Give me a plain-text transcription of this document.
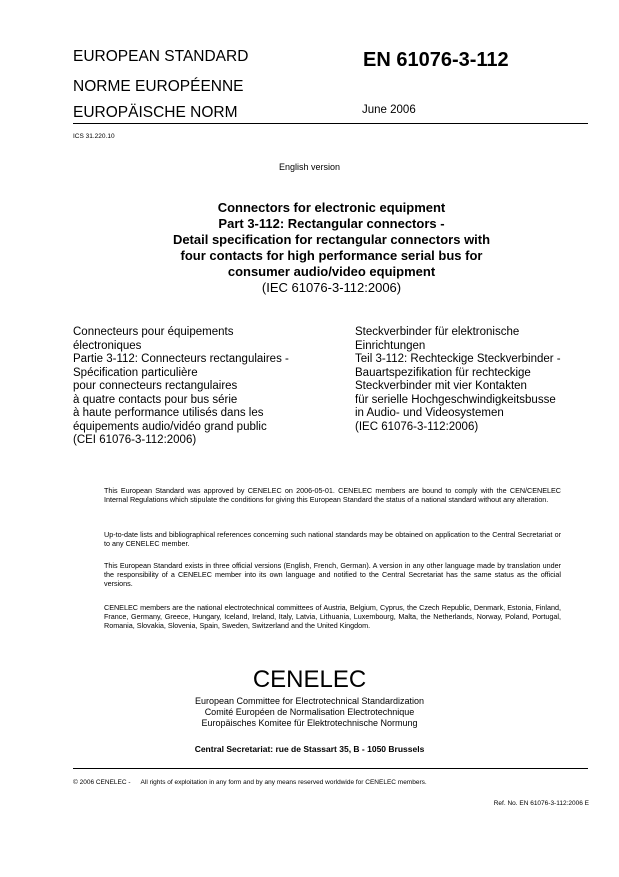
EUROPEAN STANDARD
NORME EUROPÉENNE
EUROPÄISCHE NORM
EN 61076-3-112
June 2006
ICS 31.220.10
English version
Connectors for electronic equipment
Part 3-112: Rectangular connectors -
Detail specification for rectangular connectors with
four contacts for high performance serial bus for
consumer audio/video equipment
(IEC 61076-3-112:2006)
Connecteurs pour équipements
électroniques
Partie 3-112: Connecteurs rectangulaires -
Spécification particulière
pour connecteurs rectangulaires
à quatre contacts pour bus série
à haute performance utilisés dans les
équipements audio/vidéo grand public
(CEI 61076-3-112:2006)
Steckverbinder für elektronische
Einrichtungen
Teil 3-112: Rechteckige Steckverbinder -
Bauartspezifikation für rechteckige
Steckverbinder mit vier Kontakten
für serielle Hochgeschwindigkeitsbusse
in Audio- und Videosystemen
(IEC 61076-3-112:2006)
This European Standard was approved by CENELEC on 2006-05-01. CENELEC members are bound to comply with the CEN/CENELEC Internal Regulations which stipulate the conditions for giving this European Standard the status of a national standard without any alteration.
Up-to-date lists and bibliographical references concerning such national standards may be obtained on application to the Central Secretariat or to any CENELEC member.
This European Standard exists in three official versions (English, French, German). A version in any other language made by translation under the responsibility of a CENELEC member into its own language and notified to the Central Secretariat has the same status as the official versions.
CENELEC members are the national electrotechnical committees of Austria, Belgium, Cyprus, the Czech Republic, Denmark, Estonia, Finland, France, Germany, Greece, Hungary, Iceland, Ireland, Italy, Latvia, Lithuania, Luxembourg, Malta, the Netherlands, Norway, Poland, Portugal, Romania, Slovakia, Slovenia, Spain, Sweden, Switzerland and the United Kingdom.
CENELEC
European Committee for Electrotechnical Standardization
Comité Européen de Normalisation Electrotechnique
Europäisches Komitee für Elektrotechnische Normung
Central Secretariat: rue de Stassart 35, B - 1050 Brussels
© 2006 CENELEC - All rights of exploitation in any form and by any means reserved worldwide for CENELEC members.
Ref. No. EN 61076-3-112:2006 E
